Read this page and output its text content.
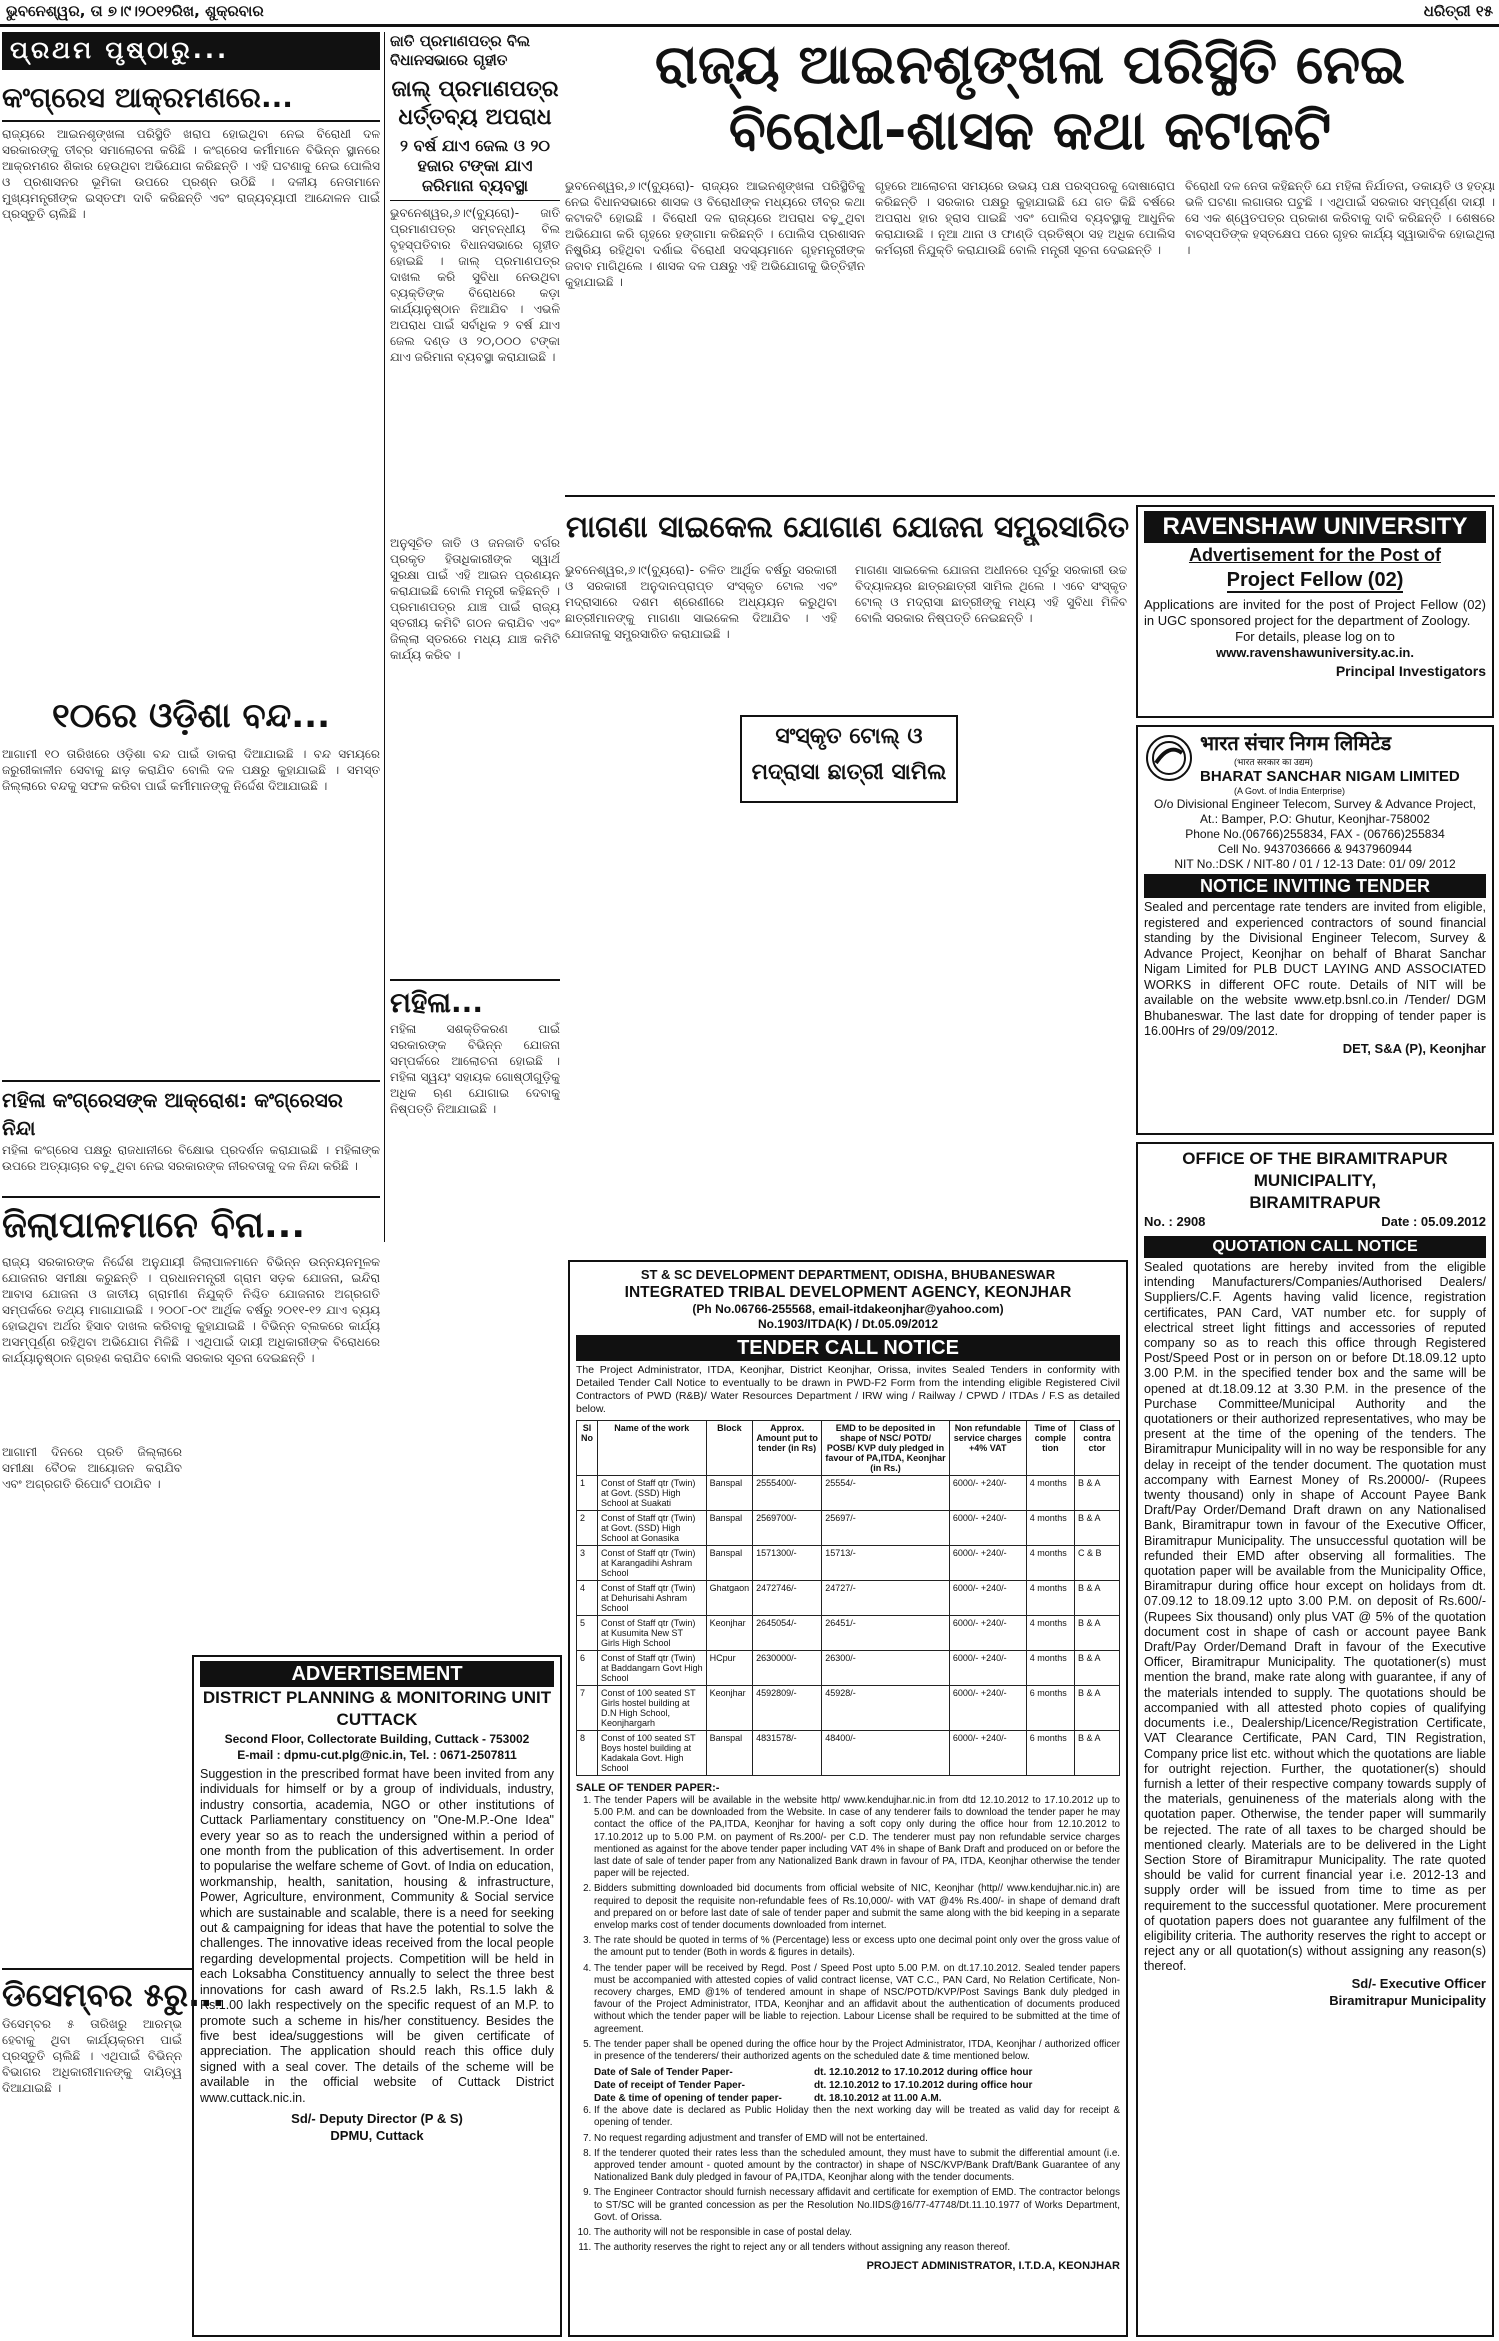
ଭୁବନେଶ୍ୱର, ତା ୭।୯।୨୦୧୨ରିଖ, ଶୁକ୍ରବାର	ଧରିତ୍ରୀ ୧୫
ପ୍ରଥମ ପୃଷ୍ଠାରୁ...
କଂଗ୍ରେସ ଆକ୍ରମଣରେ...
ରାଜ୍ୟରେ ଆଇନଶୃଙ୍ଖଳା ପରିସ୍ଥିତି ଖରାପ ହୋଇଥିବା ନେଇ ବିରୋଧୀ ଦଳ ସରକାରଙ୍କୁ ତୀବ୍ର ସମାଲୋଚନା କରିଛି । କଂଗ୍ରେସ କର୍ମୀମାନେ ବିଭିନ୍ନ ସ୍ଥାନରେ ଆକ୍ରମଣର ଶିକାର ହେଉଥିବା ଅଭିଯୋଗ କରିଛନ୍ତି । ଏହି ଘଟଣାକୁ ନେଇ ପୋଲିସ ଓ ପ୍ରଶାସନର ଭୂମିକା ଉପରେ ପ୍ରଶ୍ନ ଉଠିଛି । ଦଳୀୟ ନେତାମାନେ ମୁଖ୍ୟମନ୍ତ୍ରୀଙ୍କ ଇସ୍ତଫା ଦାବି କରିଛନ୍ତି ଏବଂ ରାଜ୍ୟବ୍ୟାପୀ ଆନ୍ଦୋଳନ ପାଇଁ ପ୍ରସ୍ତୁତି ଚାଲିଛି ।
୧୦ରେ ଓଡ଼ିଶା ବନ୍ଦ...
ଆଗାମୀ ୧୦ ତାରିଖରେ ଓଡ଼ିଶା ବନ୍ଦ ପାଇଁ ଡାକରା ଦିଆଯାଇଛି । ବନ୍ଦ ସମୟରେ ଜରୁରୀକାଳୀନ ସେବାକୁ ଛାଡ଼ କରାଯିବ ବୋଲି ଦଳ ପକ୍ଷରୁ କୁହାଯାଇଛି । ସମସ୍ତ ଜିଲ୍ଲାରେ ବନ୍ଦକୁ ସଫଳ କରିବା ପାଇଁ କର୍ମୀମାନଙ୍କୁ ନିର୍ଦ୍ଦେଶ ଦିଆଯାଇଛି ।
ମହିଳା କଂଗ୍ରେସଙ୍କ ଆକ୍ରୋଶ: କଂଗ୍ରେସର ନିନ୍ଦା
ମହିଳା କଂଗ୍ରେସ ପକ୍ଷରୁ ରାଜଧାନୀରେ ବିକ୍ଷୋଭ ପ୍ରଦର୍ଶନ କରାଯାଇଛି । ମହିଳାଙ୍କ ଉପରେ ଅତ୍ୟାଚାର ବଢ଼ୁଥିବା ନେଇ ସରକାରଙ୍କ ନୀରବତାକୁ ଦଳ ନିନ୍ଦା କରିଛି ।
ଜିଲାପାଳମାନେ ବିନା...
ରାଜ୍ୟ ସରକାରଙ୍କ ନିର୍ଦ୍ଦେଶ ଅନୁଯାୟୀ ଜିଲାପାଳମାନେ ବିଭିନ୍ନ ଉନ୍ନୟନମୂଳକ ଯୋଜନାର ସମୀକ୍ଷା କରୁଛନ୍ତି । ପ୍ରଧାନମନ୍ତ୍ରୀ ଗ୍ରାମ ସଡ଼କ ଯୋଜନା, ଇନ୍ଦିରା ଆବାସ ଯୋଜନା ଓ ଜାତୀୟ ଗ୍ରାମୀଣ ନିଯୁକ୍ତି ନିଶ୍ଚିତ ଯୋଜନାର ଅଗ୍ରଗତି ସମ୍ପର୍କରେ ତଥ୍ୟ ମାଗାଯାଇଛି । ୨୦୦୮-୦୯ ଆର୍ଥିକ ବର୍ଷରୁ ୨୦୧୧-୧୨ ଯାଏ ବ୍ୟୟ ହୋଇଥିବା ଅର୍ଥର ହିସାବ ଦାଖଲ କରିବାକୁ କୁହାଯାଇଛି । ବିଭିନ୍ନ ବ୍ଲକରେ କାର୍ଯ୍ୟ ଅସମ୍ପୂର୍ଣ୍ଣ ରହିଥିବା ଅଭିଯୋଗ ମିଳିଛି । ଏଥିପାଇଁ ଦାୟୀ ଅଧିକାରୀଙ୍କ ବିରୋଧରେ କାର୍ଯ୍ୟାନୁଷ୍ଠାନ ଗ୍ରହଣ କରାଯିବ ବୋଲି ସରକାର ସୂଚନା ଦେଇଛନ୍ତି ।
ଆଗାମୀ ଦିନରେ ପ୍ରତି ଜିଲ୍ଲାରେ ସମୀକ୍ଷା ବୈଠକ ଆୟୋଜନ କରାଯିବ ଏବଂ ଅଗ୍ରଗତି ରିପୋର୍ଟ ପଠାଯିବ ।
ଡିସେମ୍ବର ୫ରୁ...
ଡିସେମ୍ବର ୫ ତାରିଖରୁ ଆରମ୍ଭ ହେବାକୁ ଥିବା କାର୍ଯ୍ୟକ୍ରମ ପାଇଁ ପ୍ରସ୍ତୁତି ଚାଲିଛି । ଏଥିପାଇଁ ବିଭିନ୍ନ ବିଭାଗର ଅଧିକାରୀମାନଙ୍କୁ ଦାୟିତ୍ୱ ଦିଆଯାଇଛି ।
ଜାତି ପ୍ରମାଣପତ୍ର ବିଲ ବିଧାନସଭାରେ ଗୃହୀତ
ଜାଲ୍ ପ୍ରମାଣପତ୍ର ଧର୍ତ୍ତବ୍ୟ ଅପରାଧ
୨ ବର୍ଷ ଯାଏ ଜେଲ ଓ ୨୦ ହଜାର ଟଙ୍କା ଯାଏ ଜରିମାନା ବ୍ୟବସ୍ଥା
ଭୁବନେଶ୍ୱର,୬।୯(ବ୍ୟୁରୋ)- ଜାତି ପ୍ରମାଣପତ୍ର ସମ୍ବନ୍ଧୀୟ ବିଲ ବୃହସ୍ପତିବାର ବିଧାନସଭାରେ ଗୃହୀତ ହୋଇଛି । ଜାଲ୍ ପ୍ରମାଣପତ୍ର ଦାଖଲ କରି ସୁବିଧା ନେଉଥିବା ବ୍ୟକ୍ତିଙ୍କ ବିରୋଧରେ କଡ଼ା କାର୍ଯ୍ୟାନୁଷ୍ଠାନ ନିଆଯିବ । ଏଭଳି ଅପରାଧ ପାଇଁ ସର୍ବାଧିକ ୨ ବର୍ଷ ଯାଏ ଜେଲ ଦଣ୍ଡ ଓ ୨୦,୦୦୦ ଟଙ୍କା ଯାଏ ଜରିମାନା ବ୍ୟବସ୍ଥା କରାଯାଇଛି ।
ଅନୁସୂଚିତ ଜାତି ଓ ଜନଜାତି ବର୍ଗର ପ୍ରକୃତ ହିତାଧିକାରୀଙ୍କ ସ୍ୱାର୍ଥ ସୁରକ୍ଷା ପାଇଁ ଏହି ଆଇନ ପ୍ରଣୟନ କରାଯାଇଛି ବୋଲି ମନ୍ତ୍ରୀ କହିଛନ୍ତି । ପ୍ରମାଣପତ୍ର ଯାଞ୍ଚ ପାଇଁ ରାଜ୍ୟ ସ୍ତରୀୟ କମିଟି ଗଠନ କରାଯିବ ଏବଂ ଜିଲ୍ଲା ସ୍ତରରେ ମଧ୍ୟ ଯାଞ୍ଚ କମିଟି କାର୍ଯ୍ୟ କରିବ ।
ମହିଳା...
ମହିଳା ସଶକ୍ତିକରଣ ପାଇଁ ସରକାରଙ୍କ ବିଭିନ୍ନ ଯୋଜନା ସମ୍ପର୍କରେ ଆଲୋଚନା ହୋଇଛି । ମହିଳା ସ୍ୱୟଂ ସହାୟକ ଗୋଷ୍ଠୀଗୁଡ଼ିକୁ ଅଧିକ ଋଣ ଯୋଗାଇ ଦେବାକୁ ନିଷ୍ପତ୍ତି ନିଆଯାଇଛି ।
ରାଜ୍ୟ ଆଇନଶୃଙ୍ଖଳା ପରିସ୍ଥିତି ନେଇ
ବିରୋଧୀ-ଶାସକ କଥା କଟାକଟି
ଭୁବନେଶ୍ୱର,୬।୯(ବ୍ୟୁରୋ)- ରାଜ୍ୟର ଆଇନଶୃଙ୍ଖଳା ପରିସ୍ଥିତିକୁ ନେଇ ବିଧାନସଭାରେ ଶାସକ ଓ ବିରୋଧୀଙ୍କ ମଧ୍ୟରେ ତୀବ୍ର କଥା କଟାକଟି ହୋଇଛି । ବିରୋଧୀ ଦଳ ରାଜ୍ୟରେ ଅପରାଧ ବଢ଼ୁଥିବା ଅଭିଯୋଗ କରି ଗୃହରେ ହଙ୍ଗାମା କରିଛନ୍ତି । ପୋଲିସ ପ୍ରଶାସନ ନିଷ୍କ୍ରିୟ ରହିଥିବା ଦର୍ଶାଇ ବିରୋଧୀ ସଦସ୍ୟମାନେ ଗୃହମନ୍ତ୍ରୀଙ୍କ ଜବାବ ମାଗିଥିଲେ । ଶାସକ ଦଳ ପକ୍ଷରୁ ଏହି ଅଭିଯୋଗକୁ ଭିତ୍ତିହୀନ କୁହାଯାଇଛି ।
ଗୃହରେ ଆଲୋଚନା ସମୟରେ ଉଭୟ ପକ୍ଷ ପରସ୍ପରକୁ ଦୋଷାରୋପ କରିଛନ୍ତି । ସରକାର ପକ୍ଷରୁ କୁହାଯାଇଛି ଯେ ଗତ କିଛି ବର୍ଷରେ ଅପରାଧ ହାର ହ୍ରାସ ପାଇଛି ଏବଂ ପୋଲିସ ବ୍ୟବସ୍ଥାକୁ ଆଧୁନିକ କରାଯାଉଛି । ନୂଆ ଥାନା ଓ ଫାଣ୍ଡି ପ୍ରତିଷ୍ଠା ସହ ଅଧିକ ପୋଲିସ କର୍ମଚାରୀ ନିଯୁକ୍ତି କରାଯାଉଛି ବୋଲି ମନ୍ତ୍ରୀ ସୂଚନା ଦେଇଛନ୍ତି ।
ବିରୋଧୀ ଦଳ ନେତା କହିଛନ୍ତି ଯେ ମହିଳା ନିର୍ଯାତନା, ଡକାୟତି ଓ ହତ୍ୟା ଭଳି ଘଟଣା ଲଗାତାର ଘଟୁଛି । ଏଥିପାଇଁ ସରକାର ସମ୍ପୂର୍ଣ୍ଣ ଦାୟୀ । ସେ ଏକ ଶ୍ୱେତପତ୍ର ପ୍ରକାଶ କରିବାକୁ ଦାବି କରିଛନ୍ତି । ଶେଷରେ ବାଚସ୍ପତିଙ୍କ ହସ୍ତକ୍ଷେପ ପରେ ଗୃହର କାର୍ଯ୍ୟ ସ୍ୱାଭାବିକ ହୋଇଥିଲା ।
ମାଗଣା ସାଇକେଲ ଯୋଗାଣ ଯୋଜନା ସମ୍ପ୍ରସାରିତ
ଭୁବନେଶ୍ୱର,୬।୯(ବ୍ୟୁରୋ)- ଚଳିତ ଆର୍ଥିକ ବର୍ଷରୁ ସରକାରୀ ଓ ସରକାରୀ ଅନୁଦାନପ୍ରାପ୍ତ ସଂସ୍କୃତ ଟୋଲ ଏବଂ ମଦ୍ରାସାରେ ଦଶମ ଶ୍ରେଣୀରେ ଅଧ୍ୟୟନ କରୁଥିବା ଛାତ୍ରୀମାନଙ୍କୁ ମାଗଣା ସାଇକେଲ ଦିଆଯିବ । ଏହି ଯୋଜନାକୁ ସମ୍ପ୍ରସାରିତ କରାଯାଇଛି ।
ମାଗଣା ସାଇକେଲ ଯୋଜନା ଅଧୀନରେ ପୂର୍ବରୁ ସରକାରୀ ଉଚ୍ଚ ବିଦ୍ୟାଳୟର ଛାତ୍ରଛାତ୍ରୀ ସାମିଲ ଥିଲେ । ଏବେ ସଂସ୍କୃତ ଟୋଲ୍ ଓ ମଦ୍ରାସା ଛାତ୍ରୀଙ୍କୁ ମଧ୍ୟ ଏହି ସୁବିଧା ମିଳିବ ବୋଲି ସରକାର ନିଷ୍ପତ୍ତି ନେଇଛନ୍ତି ।
ସଂସ୍କୃତ ଟୋଲ୍ ଓ ମଦ୍ରାସା ଛାତ୍ରୀ ସାମିଲ
RAVENSHAW UNIVERSITY
Advertisement for the Post of
Project Fellow (02)
Applications are invited for the post of Project Fellow (02) in UGC sponsored project for the department of Zoology.
For details, please log on to
www.ravenshawuniversity.ac.in.
Principal Investigators
भारत संचार निगम लिमिटेड
(भारत सरकार का उद्यम)
BHARAT SANCHAR NIGAM LIMITED
(A Govt. of India Enterprise)
O/o Divisional Engineer Telecom, Survey & Advance Project,
At.: Bamper, P.O: Ghutur, Keonjhar-758002
Phone No.(06766)255834, FAX - (06766)255834
Cell No. 9437036666 & 9437960944
NIT No.:DSK / NIT-80 / 01 / 12-13 Date: 01/ 09/ 2012
NOTICE INVITING TENDER
Sealed and percentage rate tenders are invited from eligible, registered and experienced contractors of sound financial standing by the Divisional Engineer Telecom, Survey & Advance Project, Keonjhar on behalf of Bharat Sanchar Nigam Limited for PLB DUCT LAYING AND ASSOCIATED WORKS in different OFC route. Details of NIT will be available on the website www.etp.bsnl.co.in /Tender/ DGM Bhubaneswar. The last date for dropping of tender paper is 16.00Hrs of 29/09/2012.
DET, S&A (P), Keonjhar
OFFICE OF THE BIRAMITRAPUR MUNICIPALITY,
BIRAMITRAPUR
No. : 2908	Date : 05.09.2012
QUOTATION CALL NOTICE
Sealed quotations are hereby invited from the eligible intending Manufacturers/Companies/Authorised Dealers/ Suppliers/C.F. Agents having valid licence, registration certificates, PAN Card, VAT number etc. for supply of electrical street light fittings and accessories of reputed company so as to reach this office through Registered Post/Speed Post or in person on or before Dt.18.09.12 upto 3.00 P.M. in the specified tender box and the same will be opened at dt.18.09.12 at 3.30 P.M. in the presence of the Purchase Committee/Municipal Authority and the quotationers or their authorized representatives, who may be present at the time of the opening of the tenders. The Biramitrapur Municipality will in no way be responsible for any delay in receipt of the tender document. The quotation must accompany with Earnest Money of Rs.20000/- (Rupees twenty thousand) only in shape of Account Payee Bank Draft/Pay Order/Demand Draft drawn on any Nationalised Bank, Biramitrapur town in favour of the Executive Officer, Biramitrapur Municipality. The unsuccessful quotation will be refunded their EMD after observing all formalities. The quotation paper will be available from the Municipality Office, Biramitrapur during office hour except on holidays from dt. 07.09.12 to 18.09.12 upto 3.00 P.M. on deposit of Rs.600/- (Rupees Six thousand) only plus VAT @ 5% of the quotation document cost in shape of cash or account payee Bank Draft/Pay Order/Demand Draft in favour of the Executive Officer, Biramitrapur Municipality. The quotationer(s) must mention the brand, make rate along with guarantee, if any of the materials intended to supply. The quotations should be accompanied with all attested photo copies of qualifying documents i.e., Dealership/Licence/Registration Certificate, VAT Clearance Certificate, PAN Card, TIN Registration, Company price list etc. without which the quotations are liable for outright rejection. Further, the quotationer(s) should furnish a letter of their respective company towards supply of the materials, genuineness of the materials along with the quotation paper. Otherwise, the tender paper will summarily be rejected. The rate of all taxes to be charged should be mentioned clearly. Materials are to be delivered in the Light Section Store of Biramitrapur Municipality. The rate quoted should be valid for current financial year i.e. 2012-13 and supply order will be issued from time to time as per requirement to the successful quotationer. Mere procurement of quotation papers does not guarantee any fulfilment of the eligibility criteria. The authority reserves the right to accept or reject any or all quotation(s) without assigning any reason(s) thereof.
Sd/- Executive Officer
Biramitrapur Municipality
ADVERTISEMENT
DISTRICT PLANNING & MONITORING UNIT
CUTTACK
Second Floor, Collectorate Building, Cuttack - 753002
E-mail : dpmu-cut.plg@nic.in, Tel. : 0671-2507811
Suggestion in the prescribed format have been invited from any individuals for himself or by a group of individuals, industry, industry consortia, academia, NGO or other institutions of Cuttack Parliamentary constituency on "One-M.P.-One Idea" every year so as to reach the undersigned within a period of one month from the publication of this advertisement. In order to popularise the welfare scheme of Govt. of India on education, workmanship, health, sanitation, housing & infrastructure, Power, Agriculture, environment, Community & Social service which are sustainable and scalable, there is a need for seeking out & campaigning for ideas that have the potential to solve the challenges. The innovative ideas received from the local people regarding developmental projects. Competition will be held in each Loksabha Constituency annually to select the three best innovations for cash award of Rs.2.5 lakh, Rs.1.5 lakh & Rs.1.00 lakh respectively on the specific request of an M.P. to promote such a scheme in his/her constituency. Besides the five best idea/suggestions will be given certificate of appreciation. The application should reach this office duly signed with a seal cover. The details of the scheme will be available in the official website of Cuttack District www.cuttack.nic.in.
Sd/- Deputy Director (P & S)
DPMU, Cuttack
ST & SC DEVELOPMENT DEPARTMENT, ODISHA, BHUBANESWAR
INTEGRATED TRIBAL DEVELOPMENT AGENCY, KEONJHAR
(Ph No.06766-255568, email-itdakeonjhar@yahoo.com)
No.1903/ITDA(K) / Dt.05.09/2012
TENDER CALL NOTICE
The Project Administrator, ITDA, Keonjhar, District Keonjhar, Orissa, invites Sealed Tenders in conformity with Detailed Tender Call Notice to eventually to be drawn in PWD-F2 Form from the intending eligible Registered Civil Contractors of PWD (R&B)/ Water Resources Department / IRW wing / Railway / CPWD / ITDAs / F.S as detailed below.
Sl No	Name of the work	Block	Approx. Amount put to tender (in Rs)	EMD to be deposited in shape of NSC/ POTD/ POSB/ KVP duly pledged in favour of PA,ITDA, Keonjhar (in Rs.)	Non refundable service charges +4% VAT	Time of comple tion	Class of contra ctor
1	Const of Staff qtr (Twin) at Govt. (SSD) High School at Suakati	Banspal	2555400/-	25554/-	6000/- +240/-	4 months	B & A
2	Const of Staff qtr (Twin) at Govt. (SSD) High School at Gonasika	Banspal	2569700/-	25697/-	6000/- +240/-	4 months	B & A
3	Const of Staff qtr (Twin) at Karangadihi Ashram School	Banspal	1571300/-	15713/-	6000/- +240/-	4 months	C & B
4	Const of Staff qtr (Twin) at Dehurisahi Ashram School	Ghatgaon	2472746/-	24727/-	6000/- +240/-	4 months	B & A
5	Const of Staff qtr (Twin) at Kusumita New ST Girls High School	Keonjhar	2645054/-	26451/-	6000/- +240/-	4 months	B & A
6	Const of Staff qtr (Twin) at Baddangarn Govt High School	HCpur	2630000/-	26300/-	6000/- +240/-	4 months	B & A
7	Const of 100 seated ST Girls hostel building at D.N High School, Keonjhargarh	Keonjhar	4592809/-	45928/-	6000/- +240/-	6 months	B & A
8	Const of 100 seated ST Boys hostel building at Kadakala Govt. High School	Banspal	4831578/-	48400/-	6000/- +240/-	6 months	B & A
SALE OF TENDER PAPER:-
1. The tender Papers will be available in the website http/ www.kendujhar.nic.in from dtd 12.10.2012 to 17.10.2012 up to 5.00 P.M. and can be downloaded from the Website. In case of any tenderer fails to download the tender paper he may contact the office of the PA,ITDA, Keonjhar for having a soft copy only during the office hour from 12.10.2012 to 17.10.2012 up to 5.00 P.M. on payment of Rs.200/- per C.D. The tenderer must pay non refundable service charges mentioned as against for the above tender paper including VAT 4% in shape of Bank Draft and produced on or before the last date of sale of tender paper from any Nationalized Bank drawn in favour of PA, ITDA, Keonjhar otherwise the tender paper will be rejected.
2. Bidders submitting downloaded bid documents from official website of NIC, Keonjhar (http// www.kendujhar.nic.in) are required to deposit the requisite non-refundable fees of Rs.10,000/- with VAT @4% Rs.400/- in shape of demand draft and prepared on or before last date of sale of tender paper and submit the same along with the bid keeping in a separate envelop marks cost of tender documents downloaded from internet.
3. The rate should be quoted in terms of % (Percentage) less or excess upto one decimal point only over the gross value of the amount put to tender (Both in words & figures in details).
4. The tender paper will be received by Regd. Post / Speed Post upto 5.00 P.M. on dt.17.10.2012. Sealed tender papers must be accompanied with attested copies of valid contract license, VAT C.C., PAN Card, No Relation Certificate, Non-recovery charges, EMD @1% of tendered amount in shape of NSC/POTD/KVP/Post Savings Bank duly pledged in favour of the Project Administrator, ITDA, Keonjhar and an affidavit about the authentication of documents produced without which the tender paper will be liable to rejection. Labour License shall be required to be submitted at the time of agreement.
5. The tender paper shall be opened during the office hour by the Project Administrator, ITDA, Keonjhar / authorized officer in presence of the tenderers/ their authorized agents on the scheduled date & time mentioned below.
Date of Sale of Tender Paper-	dt. 12.10.2012 to 17.10.2012 during office hour
Date of receipt of Tender Paper-	dt. 12.10.2012 to 17.10.2012 during office hour
Date & time of opening of tender paper-	dt. 18.10.2012 at 11.00 A.M.
6. If the above date is declared as Public Holiday then the next working day will be treated as valid day for receipt & opening of tender.
7. No request regarding adjustment and transfer of EMD will not be entertained.
8. If the tenderer quoted their rates less than the scheduled amount, they must have to submit the differential amount (i.e. approved tender amount - quoted amount by the contractor) in shape of NSC/KVP/Bank Draft/Bank Guarantee of any Nationalized Bank duly pledged in favour of PA,ITDA, Keonjhar along with the tender documents.
9. The Engineer Contractor should furnish necessary affidavit and certificate for exemption of EMD. The contractor belongs to ST/SC will be granted concession as per the Resolution No.IIDS@16/77-47748/Dt.11.10.1977 of Works Department, Govt. of Orissa.
10. The authority will not be responsible in case of postal delay.
11. The authority reserves the right to reject any or all tenders without assigning any reason thereof.
PROJECT ADMINISTRATOR, I.T.D.A, KEONJHAR
